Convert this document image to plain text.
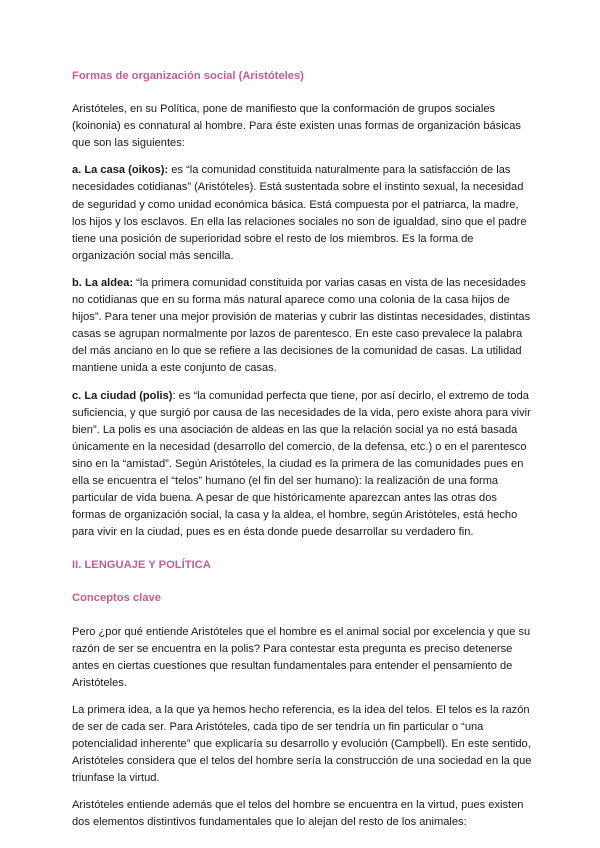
Formas de organización social (Aristóteles)

Aristóteles, en su Política, pone de manifiesto que la conformación de grupos sociales (koinonia) es connatural al hombre. Para éste existen unas formas de organización básicas que son las siguientes:

a. La casa (oikos): es “la comunidad constituida naturalmente para la satisfacción de las necesidades cotidianas” (Aristóteles). Está sustentada sobre el instinto sexual, la necesidad de seguridad y como unidad económica básica. Está compuesta por el patriarca, la madre, los hijos y los esclavos. En ella las relaciones sociales no son de igualdad, sino que el padre tiene una posición de superioridad sobre el resto de los miembros. Es la forma de organización social más sencilla.

b. La aldea: “la primera comunidad constituida por varias casas en vista de las necesidades no cotidianas que en su forma más natural aparece como una colonia de la casa hijos de hijos”. Para tener una mejor provisión de materias y cubrir las distintas necesidades, distintas casas se agrupan normalmente por lazos de parentesco. En este caso prevalece la palabra del más anciano en lo que se refiere a las decisiones de la comunidad de casas. La utilidad mantiene unida a este conjunto de casas.

c. La ciudad (polis): es “la comunidad perfecta que tiene, por así decirlo, el extremo de toda suficiencia, y que surgió por causa de las necesidades de la vida, pero existe ahora para vivir bien”. La polis es una asociación de aldeas en las que la relación social ya no está basada únicamente en la necesidad (desarrollo del comercio, de la defensa, etc.) o en el parentesco sino en la “amistad”. Según Aristóteles, la ciudad es la primera de las comunidades pues en ella se encuentra el “telos” humano (el fin del ser humano): la realización de una forma particular de vida buena. A pesar de que históricamente aparezcan antes las otras dos formas de organización social, la casa y la aldea, el hombre, según Aristóteles, está hecho para vivir en la ciudad, pues es en ésta donde puede desarrollar su verdadero fin.

II. LENGUAJE Y POLÍTICA

Conceptos clave

Pero ¿por qué entiende Aristóteles que el hombre es el animal social por excelencia y que su razón de ser se encuentra en la polis? Para contestar esta pregunta es preciso detenerse antes en ciertas cuestiones que resultan fundamentales para entender el pensamiento de Aristóteles.

La primera idea, a la que ya hemos hecho referencia, es la idea del telos. El telos es la razón de ser de cada ser. Para Aristóteles, cada tipo de ser tendría un fin particular o “una potencialidad inherente” que explicaría su desarrollo y evolución (Campbell). En este sentido, Aristóteles considera que el telos del hombre sería la construcción de una sociedad en la que triunfase la virtud.

Aristóteles entiende además que el telos del hombre se encuentra en la virtud, pues existen dos elementos distintivos fundamentales que lo alejan del resto de los animales:
